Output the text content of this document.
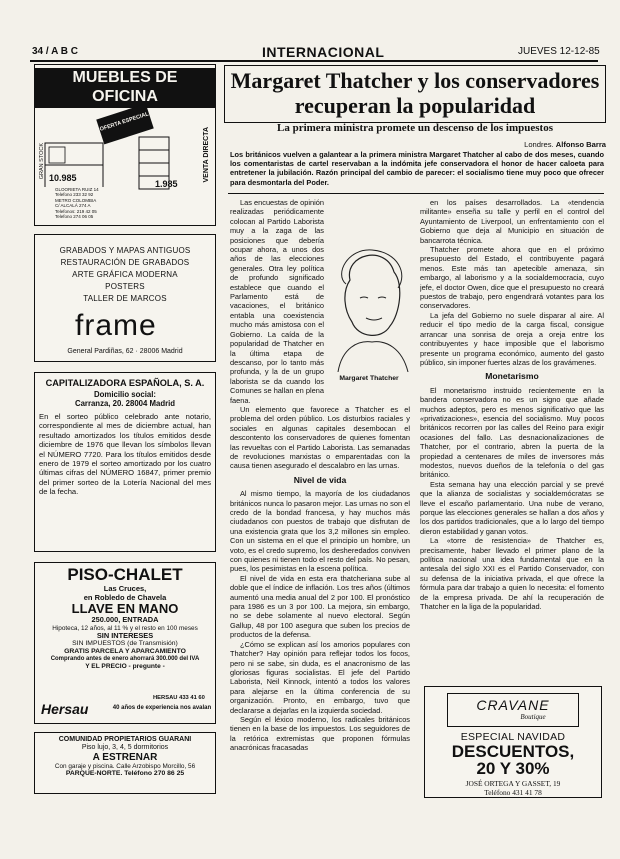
34 / A B C	INTERNACIONAL	JUEVES 12-12-85
MUEBLES DE
OFICINA
OFERTA ESPECIAL
10.985
1.985
VENTA DIRECTA
GRAN STOCK
GLOORIETA RUIZ 14
Telefono 233 32 92
METRO COLOMBIA
C/ ALCALÁ 274 A
Telefonos: 219 42 05
Telefono 274 06 05
GRABADOS Y MAPAS ANTIGUOS
RESTAURACIÓN DE GRABADOS
ARTE GRÁFICA MODERNA
POSTERS
TALLER DE MARCOS
frame
General Pardiñas, 62 · 28006 Madrid
CAPITALIZADORA ESPAÑOLA, S. A.
Domicilio social:
Carranza, 20. 28004 Madrid
En el sorteo público celebrado ante notario, correspondiente al mes de diciembre actual, han resultado amortizados los títulos emitidos desde diciembre de 1976 que llevan los símbolos llevan el NÚMERO 7720. Para los títulos emitidos desde enero de 1979 el sorteo amortizado por los cuatro últimas cifras del NÚMERO 16847, primer premio del primer sorteo de la Lotería Nacional del mes de la fecha.
PISO-CHALET
Las Cruces,
en Robledo de Chavela
LLAVE EN MANO
250.000, ENTRADA
Hipoteca, 12 años, al 11 % y el resto en 100 meses
SIN INTERESES
SIN IMPUESTOS (de Transmisión)
GRATIS PARCELA Y APARCAMIENTO
Comprando antes de enero ahorrará 300.000 del IVA
Y EL PRECIO - pregunte -
HERSAU 433 41 60
Hersau	40 años de experiencia nos avalan
COMUNIDAD PROPIETARIOS GUARANI
Piso lujo, 3, 4, 5 dormitorios
A ESTRENAR
Con garaje y piscina. Calle Arzobispo Morcillo, 56
PARQUE-NORTE. Teléfono 270 86 25
Margaret Thatcher y los conservadores
recuperan la popularidad
La primera ministra promete un descenso de los impuestos
Londres. Alfonso Barra
Los británicos vuelven a galantear a la primera ministra Margaret Thatcher al cabo de dos meses, cuando los comentaristas de cartel reservaban a la indómita jefe conservadora el honor de hacer caloeta para entretener la jubilación. Razón principal del cambio de parecer: el socialismo tiene muy poco que ofrecer para desmontarla del Poder.
Margaret Thatcher

Las encuestas de opinión realizadas periódicamente colocan al Partido Laborista muy a la zaga de las posiciones que debería ocupar ahora, a unos dos años de las elecciones generales. Otra ley política de profundo significado establece que cuando el Parlamento está de vacaciones, el británico entabla una coexistencia mucho más amistosa con el Gobierno. La caída de la popularidad de Thatcher en la última etapa de descanso, por lo tanto más profunda, y la de un grupo laborista se da cuando los Comunes se hallan en plena faena.

Un elemento que favorece a Thatcher es el problema del orden público. Los disturbios raciales y sociales en algunas capitales desembocan el descontento los conservadores de quienes fomentan las revueltas con el Partido Laborista. Las semanadas de revoluciones marxistas o emparentadas con la causa tienen asegurado el descalabro en las urnas.

Nivel de vida

Al mismo tiempo, la mayoría de los ciudadanos británicos nunca lo pasaron mejor. Las urnas no son el credo de la bondad francesa, y hay muchos más ciudadanos con puestos de trabajo que disfrutan de una existencia grata que los 3,2 millones sin empleo. Con un sistema en el que el principio un hombre, un voto, es el credo supremo, los desheredados conviven con quienes ni tienen todo el resto del país. No pesan, pues, los pesimistas en la escena política.

El nivel de vida en esta era thatcheriana sube al doble que el índice de inflación. Los tres años (últimos aumentó una media anual del 2 por 100. El pronóstico para 1986 es un 3 por 100. La mejora, sin embargo, no se debe solamente al nuevo electoral. Según Gallup, 48 por 100 asegura que suben los precios de productos de la defensa.

¿Cómo se explican así los amorios populares con Thatcher? Hay opinión para reflejar todos los focos, pero ni se sabe, sin duda, es el anacronismo de las gloriosas figuras socialistas. El jefe del Partido Laborista, Neil Kinnock, intentó a todos los valores para alejarse en la última conferencia de su organización. Pronto, en embargo, tuvo que declararse a dejarlas en la izquierda sociedad.

Según el léxico moderno, los radicales británicos tienen en la base de los impuestos. Los seguidores de la retórica extremistas que proponen fórmulas anacrónicas fracasadas

en los países desarrollados. La «tendencia militante» enseña su talle y perfil en el control del Ayuntamiento de Liverpool, un enfrentamiento con el Gobierno que deja al Municipio en situación de bancarrota técnica.

Thatcher promete ahora que en el próximo presupuesto del Estado, el contribuyente pagará menos. Este más tan apetecible amenaza, sin embargo, al laborismo y a la socialdemocracia, cuyo jefe, el doctor Owen, dice que el presupuesto no creará puestos de trabajo, pero engendrará votantes para los conservadores.

La jefa del Gobierno no suele disparar al aire. Al reducir el tipo medio de la carga fiscal, consigue arrancar una sonrisa de oreja a oreja entre los contribuyentes y hace imposible que el laborismo presente un programa económico, aumento del gasto público, sin imponer fuertes alzas de los gravámenes.

Monetarismo

El monetarismo instruido recientemente en la bandera conservadora no es un signo que añade muchos adeptos, pero es menos significativo que las «privatizaciones», esencia del socialismo. Muy pocos británicos recorren por las calles del Reino para exigir ocasiones del fallo. Las desnacionalizaciones de Thatcher, por el contrario, abren la puerta de la propiedad a centenares de miles de inversores más modestos, nuevos dueños de la telefonía o del gas británico.

Esta semana hay una elección parcial y se prevé que la alianza de socialistas y socialdemócratas se lleve el escaño parlamentario. Una nube de verano, porque las elecciones generales se hallan a dos años y los dos partidos tradicionales, que a lo largo del tiempo dieron estabilidad y ganan votos.

La «torre de resistencia» de Thatcher es, precisamente, haber llevado el primer plano de la política nacional una idea fundamental que en la antesala del siglo XXI es el Partido Conservador, con su defensa de la iniciativa privada, el que ofrece la fórmula para dar trabajo a quien lo necesita: el fomento de la empresa privada. De ahí la recuperación de Thatcher en la liga de la popularidad.

CRAVANE
Boutique
ESPECIAL NAVIDAD
DESCUENTOS,
20 Y 30%
JOSÉ ORTEGA Y GASSET, 19
Teléfono 431 41 78
